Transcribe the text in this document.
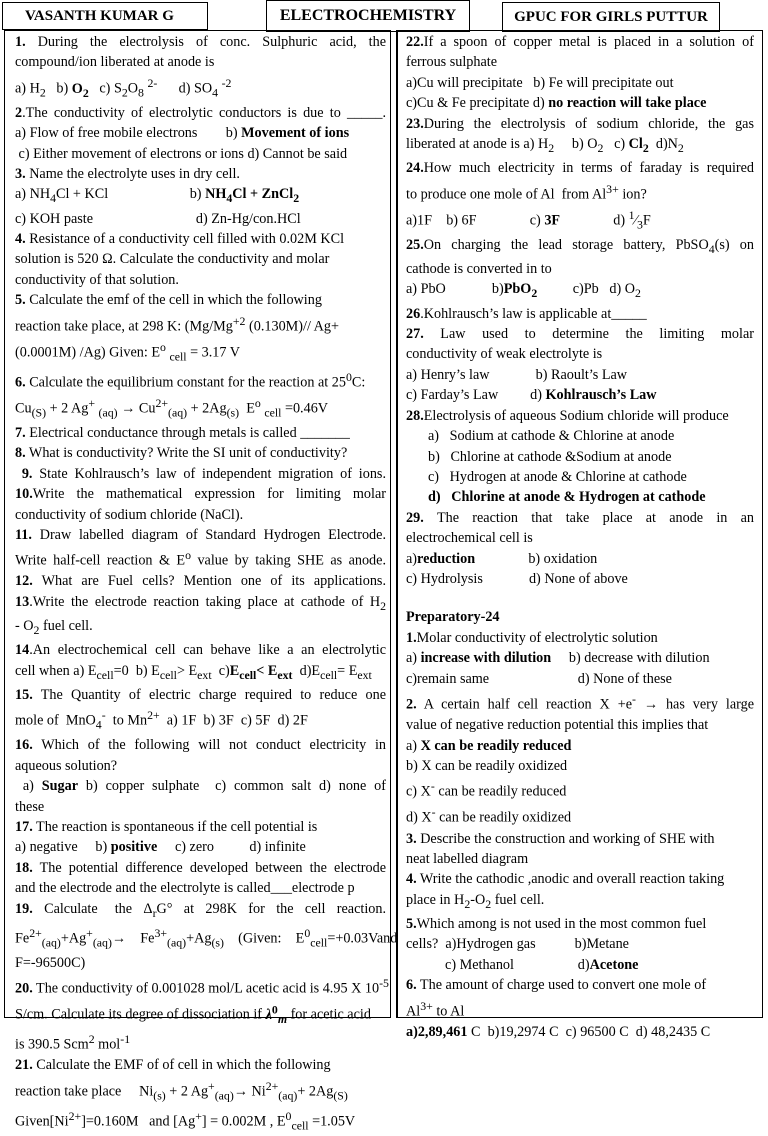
VASANTH KUMAR G	ELECTROCHEMISTRY	GPUC FOR GIRLS PUTTUR
1. During the electrolysis of conc. Sulphuric acid, the
compound/ion liberated at anode is
a) $H_2$   b) $O_2$   c) $S_2O_8$ $^{2-}$      d) $SO_4$ $^{-2}$
2.The conductivity of electrolytic conductors is due to _____.
a) Flow of free mobile electrons        b) Movement of ions
c) Either movement of electrons or ions d) Cannot be said
3. Name the electrolyte uses in dry cell.
a) $NH_4Cl$ + KCl                       b) $NH_4Cl$ + ZnCl$_2$
c) KOH paste                             d) Zn-Hg/con.HCl
4. Resistance of a conductivity cell filled with 0.02M KCl
solution is 520 Ω. Calculate the conductivity and molar
conductivity of that solution.
5. Calculate the emf of the cell in which the following
reaction take place, at 298 K: ($Mg/Mg^{+2}$ (0.130M)// Ag+
(0.0001M) /Ag) Given: $E^o$ $_{cell}$ = 3.17 V
6. Calculate the equilibrium constant for the reaction at $25^0C$:
$Cu_{(S)} + 2$ Ag+ $_{(aq)} \to Cu^{2+}_{(aq)} + 2Ag_{(s)}$  $E^o$ $_{cell}$ =0.46V
7. Electrical conductance through metals is called _______
8. What is conductivity? Write the SI unit of conductivity?
9. State Kohlrausch’s law of independent migration of ions.
10.Write the mathematical expression for limiting molar
conductivity of sodium chloride (NaCl).
11. Draw labelled diagram of Standard Hydrogen Electrode.
Write half-cell reaction & $E^o$ value by taking SHE as anode.
12. What are Fuel cells? Mention one of its applications.
13.Write the electrode reaction taking place at cathode of $H_2$
- $O_2$ fuel cell.
14.An electrochemical cell can behave like a an electrolytic
cell when a) $E_{cell}=0$  b) $E_{cell}> E_{ext}$  $c)E_{cell}< E_{ext}$  $d)E_{cell}= E_{ext}$
15. The Quantity of electric charge required to reduce one
mole of  MnO$_4$-  to $Mn^{2+}$  a) 1F  b) 3F  c) 5F  d) 2F
16. Which of the following will not conduct electricity in
aqueous solution?
a) Sugar b) copper sulphate  c) common salt d) none of
these
17. The reaction is spontaneous if the cell potential is
a) negative     b) positive     c) zero          d) infinite
18. The potential difference developed between the electrode
and the electrode and the electrolyte is called___electrode p
19.  Calculate   the  $\Delta_rG^\circ$  at  298K  for  the  cell  reaction.
$Fe^{2+}_{(aq)}+Ag^+_{(aq)}\to$    $Fe^{3+}_{(aq)}+Ag_{(s)}$    (Given:    $E^0_{cell}=+0.03Vand$
F=-96500C)
20. The conductivity of 0.001028 mol/L acetic acid is 4.95 X $10^{-5}$
S/cm. Calculate its degree of dissociation if $\lambda^0_m$ for acetic acid
is 390.5 Scm$^2$ mol$^{-1}$
21. Calculate the EMF of of cell in which the following
reaction take place     $Ni_{(s)} + 2$ $Ag^+_{(aq)}\to Ni^{2+}_{(aq)}+ 2Ag_{(S)}$
$Given[Ni^{2+}]=0.160M$   and [Ag+] = 0.002M , $E^0_{cell} =1.05V$
22.If a spoon of copper metal is placed in a solution of
ferrous sulphate
a)Cu will precipitate   b) Fe will precipitate out
c)Cu & Fe precipitate d) no reaction will take place
23.During the electrolysis of sodium chloride, the gas
liberated at anode is a) $H_2$     b) $O_2$   c) $Cl_2$  $d)N_2$
24.How much electricity in terms of faraday is required
to produce one mole of Al  from $Al^{3+}$ ion?
a)1F    b) 6F               c) 3F               d) $^1⁄_3F$
25.On charging the lead storage battery, PbSO$_4$(s) on
cathode is converted in to
a) PbO             b)PbO$_2$          c)Pb   d) $O_2$
26.Kohlrausch’s law is applicable at_____
27.   Law   used   to   determine   the   limiting   molar
conductivity of weak electrolyte is
a) Henry’s law             b) Raoult’s Law
c) Farday’s Law         d) Kohlrausch’s Law
28.Electrolysis of aqueous Sodium chloride will produce
a)   Sodium at cathode & Chlorine at anode
b)   Chlorine at cathode &Sodium at anode
c)   Hydrogen at anode & Chlorine at cathode
d)   Chlorine at anode & Hydrogen at cathode
29.  The  reaction  that  take  place  at  anode  in  an
electrochemical cell is
a)reduction               b) oxidation
c) Hydrolysis             d) None of above
Preparatory-24
1.Molar conductivity of electrolytic solution
a) increase with dilution     b) decrease with dilution
c)remain same                         d) None of these
2. A certain half cell reaction X +e- → has very large
value of negative reduction potential this implies that
a) X can be readily reduced
b) X can be readily oxidized
c) X- can be readily reduced
d) X- can be readily oxidized
3. Describe the construction and working of SHE with
neat labelled diagram
4. Write the cathodic ,anodic and overall reaction taking
place in $H_2-O_2$ fuel cell.
5.Which among is not used in the most common fuel
cells?  a)Hydrogen gas           b)Metane
c) Methanol                  d)Acetone
6. The amount of charge used to convert one mole of
$Al^{3+}$ to Al
a)2,89,461 C  b)19,2974 C  c) 96500 C  d) 48,2435 C
